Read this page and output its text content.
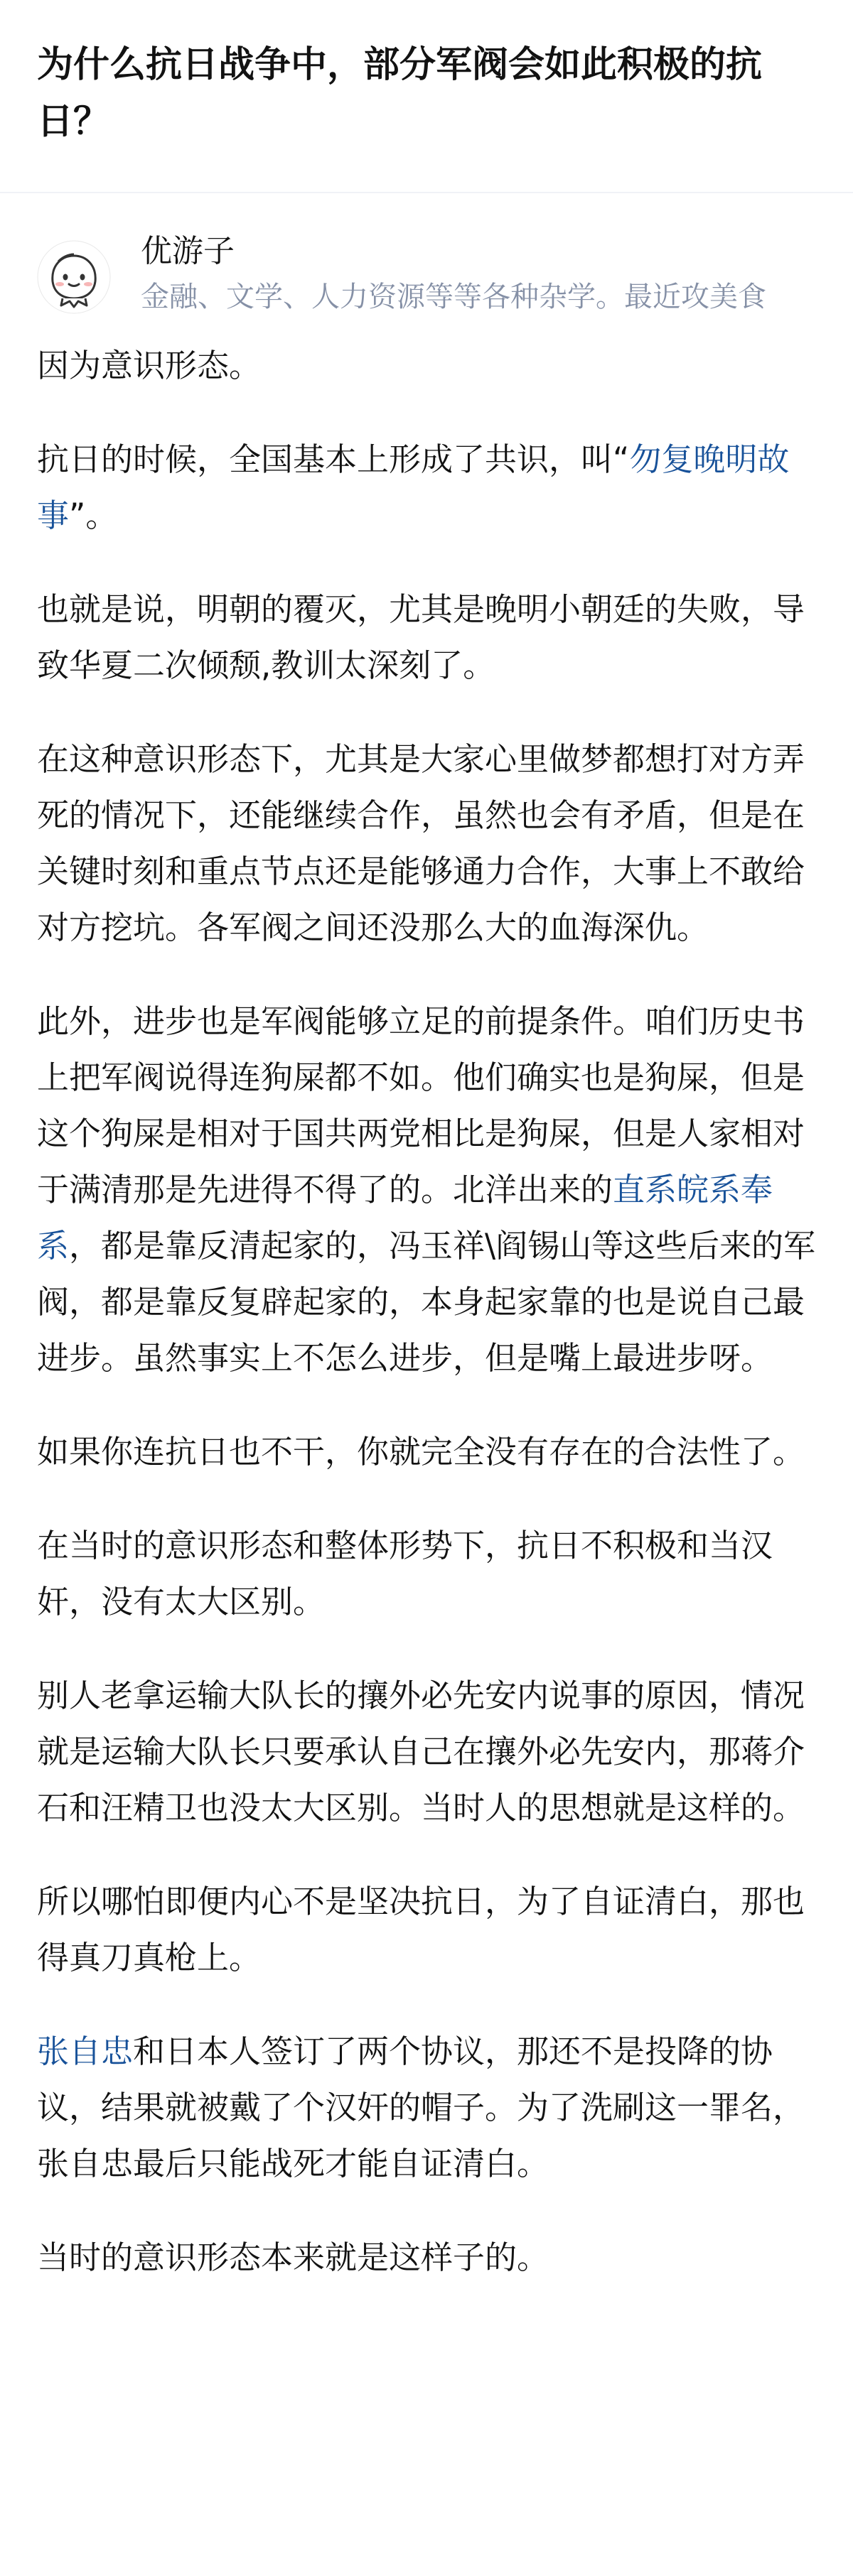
为什么抗日战争中，部分军阀会如此积极的抗日？
优游子
金融、文学、人力资源等等各种杂学。最近攻美食

因为意识形态。

抗日的时候，全国基本上形成了共识，叫“勿复晚明故事”。

也就是说，明朝的覆灭，尤其是晚明小朝廷的失败，导致华夏二次倾颓,教训太深刻了。

在这种意识形态下，尤其是大家心里做梦都想打对方弄死的情况下，还能继续合作，虽然也会有矛盾，但是在关键时刻和重点节点还是能够通力合作，大事上不敢给对方挖坑。各军阀之间还没那么大的血海深仇。

此外，进步也是军阀能够立足的前提条件。咱们历史书上把军阀说得连狗屎都不如。他们确实也是狗屎，但是这个狗屎是相对于国共两党相比是狗屎，但是人家相对于满清那是先进得不得了的。北洋出来的直系皖系奉系，都是靠反清起家的，冯玉祥\阎锡山等这些后来的军阀，都是靠反复辟起家的，本身起家靠的也是说自己最进步。虽然事实上不怎么进步，但是嘴上最进步呀。

如果你连抗日也不干，你就完全没有存在的合法性了。

在当时的意识形态和整体形势下，抗日不积极和当汉奸，没有太大区别。

别人老拿运输大队长的攘外必先安内说事的原因，情况就是运输大队长只要承认自己在攘外必先安内，那蒋介石和汪精卫也没太大区别。当时人的思想就是这样的。

所以哪怕即便内心不是坚决抗日，为了自证清白，那也得真刀真枪上。

张自忠和日本人签订了两个协议，那还不是投降的协议，结果就被戴了个汉奸的帽子。为了洗刷这一罪名，张自忠最后只能战死才能自证清白。

当时的意识形态本来就是这样子的。
